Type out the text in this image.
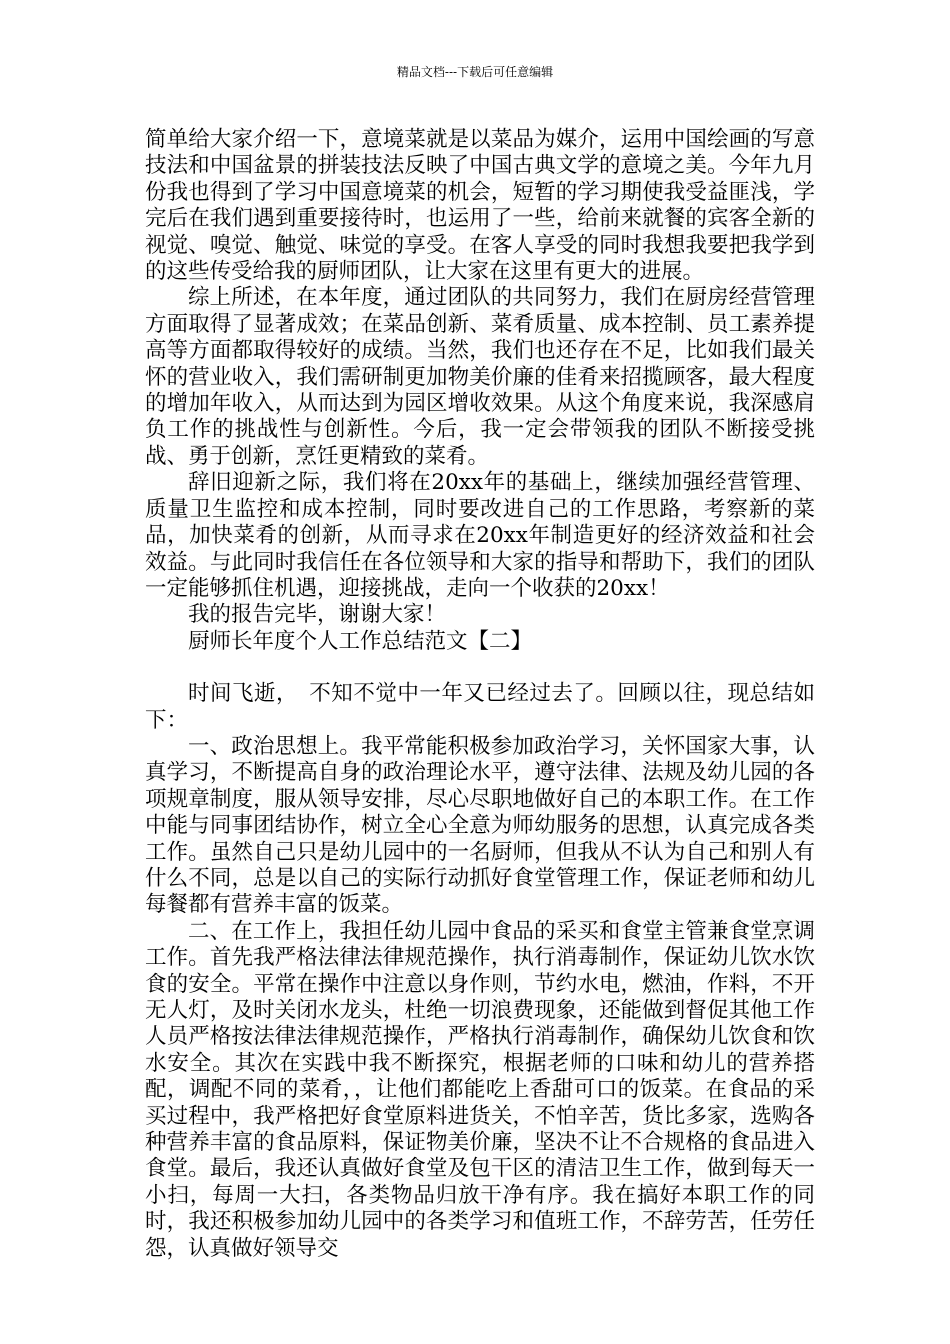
精品文档---下载后可任意编辑

简单给大家介绍一下，意境菜就是以菜品为媒介，运用中国绘画的写意技法和中国盆景的拼装技法反映了中国古典文学的意境之美。今年九月份我也得到了学习中国意境菜的机会，短暂的学习期使我受益匪浅，学完后在我们遇到重要接待时，也运用了一些，给前来就餐的宾客全新的视觉、嗅觉、触觉、味觉的享受。在客人享受的同时我想我要把我学到的这些传受给我的厨师团队，让大家在这里有更大的进展。

综上所述，在本年度，通过团队的共同努力，我们在厨房经营管理方面取得了显著成效；在菜品创新、菜肴质量、成本控制、员工素养提高等方面都取得较好的成绩。当然，我们也还存在不足，比如我们最关怀的营业收入，我们需研制更加物美价廉的佳肴来招揽顾客，最大程度的增加年收入，从而达到为园区增收效果。从这个角度来说，我深感肩负工作的挑战性与创新性。今后，我一定会带领我的团队不断接受挑战、勇于创新，烹饪更精致的菜肴。

辞旧迎新之际，我们将在20xx年的基础上，继续加强经营管理、质量卫生监控和成本控制，同时要改进自己的工作思路，考察新的菜品，加快菜肴的创新，从而寻求在20xx年制造更好的经济效益和社会效益。与此同时我信任在各位领导和大家的指导和帮助下，我们的团队一定能够抓住机遇，迎接挑战，走向一个收获的20xx！

我的报告完毕，谢谢大家！

厨师长年度个人工作总结范文【二】

时间飞逝，　不知不觉中一年又已经过去了。回顾以往，现总结如下：

一、政治思想上。我平常能积极参加政治学习，关怀国家大事，认真学习，不断提高自身的政治理论水平，遵守法律、法规及幼儿园的各项规章制度，服从领导安排，尽心尽职地做好自己的本职工作。在工作中能与同事团结协作，树立全心全意为师幼服务的思想，认真完成各类工作。虽然自己只是幼儿园中的一名厨师，但我从不认为自己和别人有什么不同，总是以自己的实际行动抓好食堂管理工作，保证老师和幼儿每餐都有营养丰富的饭菜。

二、在工作上，我担任幼儿园中食品的采买和食堂主管兼食堂烹调工作。首先我严格法律法律规范操作，执行消毒制作，保证幼儿饮水饮食的安全。平常在操作中注意以身作则，节约水电，燃油，作料，不开无人灯，及时关闭水龙头，杜绝一切浪费现象，还能做到督促其他工作人员严格按法律法律规范操作，严格执行消毒制作，确保幼儿饮食和饮水安全。其次在实践中我不断探究，根据老师的口味和幼儿的营养搭配，调配不同的菜肴，，让他们都能吃上香甜可口的饭菜。在食品的采买过程中，我严格把好食堂原料进货关，不怕辛苦，货比多家，选购各种营养丰富的食品原料，保证物美价廉，坚决不让不合规格的食品进入食堂。最后，我还认真做好食堂及包干区的清洁卫生工作，做到每天一小扫，每周一大扫，各类物品归放干净有序。我在搞好本职工作的同时，我还积极参加幼儿园中的各类学习和值班工作，不辞劳苦，任劳任怨，认真做好领导交
